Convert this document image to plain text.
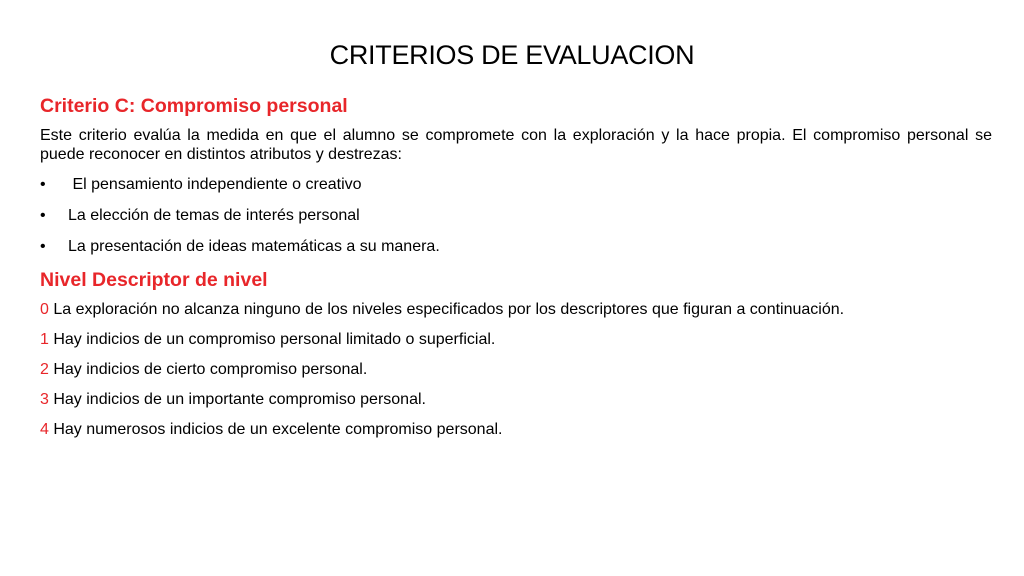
CRITERIOS DE EVALUACION
Criterio C: Compromiso personal

Este criterio evalúa la medida en que el alumno se compromete con la exploración y la hace propia. El compromiso personal se puede reconocer en distintos atributos y destrezas:

•	El pensamiento independiente o creativo
•	La elección de temas de interés personal
•	La presentación de ideas matemáticas a su manera.
Nivel Descriptor de nivel
0 La exploración no alcanza ninguno de los niveles especificados por los descriptores que figuran a continuación.
1 Hay indicios de un compromiso personal limitado o superficial.
2 Hay indicios de cierto compromiso personal.
3 Hay indicios de un importante compromiso personal.
4 Hay numerosos indicios de un excelente compromiso personal.
